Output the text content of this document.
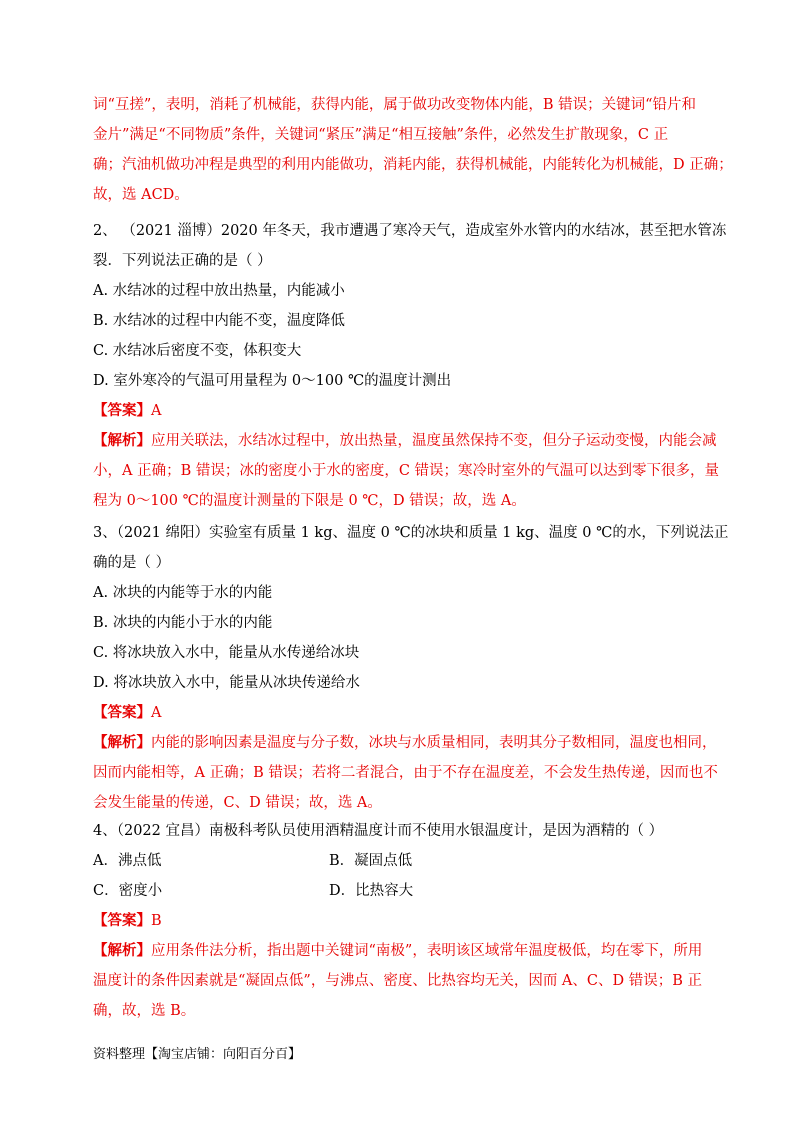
词“互搓”，表明，消耗了机械能，获得内能，属于做功改变物体内能，B 错误；关键词“铅片和
金片”满足“不同物质”条件，关键词“紧压”满足“相互接触”条件，必然发生扩散现象，C 正
确；汽油机做功冲程是典型的利用内能做功，消耗内能，获得机械能，内能转化为机械能，D 正确；
故，选 ACD。
2、 （2021 淄博）2020 年冬天，我市遭遇了寒冷天气，造成室外水管内的水结冰，甚至把水管冻
裂．下列说法正确的是（ ）
A. 水结冰的过程中放出热量，内能减小
B. 水结冰的过程中内能不变，温度降低
C. 水结冰后密度不变，体积变大
D. 室外寒冷的气温可用量程为 0～100 ℃的温度计测出
【答案】A
【解析】应用关联法，水结冰过程中，放出热量，温度虽然保持不变，但分子运动变慢，内能会减
小，A 正确；B 错误；冰的密度小于水的密度，C 错误；寒冷时室外的气温可以达到零下很多，量
程为 0～100 ℃的温度计测量的下限是 0 ℃，D 错误；故，选 A。
3、（2021 绵阳）实验室有质量 1 kg、温度 0 ℃的冰块和质量 1 kg、温度 0 ℃的水，下列说法正
确的是（ ）
A. 冰块的内能等于水的内能
B. 冰块的内能小于水的内能
C. 将冰块放入水中，能量从水传递给冰块
D. 将冰块放入水中，能量从冰块传递给水
【答案】A
【解析】内能的影响因素是温度与分子数，冰块与水质量相同，表明其分子数相同，温度也相同，
因而内能相等，A 正确；B 错误；若将二者混合，由于不存在温度差，不会发生热传递，因而也不
会发生能量的传递，C、D 错误；故，选 A。
4、（2022 宜昌）南极科考队员使用酒精温度计而不使用水银温度计，是因为酒精的（ ）
A．沸点低	B．凝固点低
C．密度小	D．比热容大
【答案】B
【解析】应用条件法分析，指出题中关键词“南极”，表明该区域常年温度极低，均在零下，所用
温度计的条件因素就是“凝固点低”，与沸点、密度、比热容均无关，因而 A、C、D 错误；B 正
确，故，选 B。
资料整理【淘宝店铺：向阳百分百】
